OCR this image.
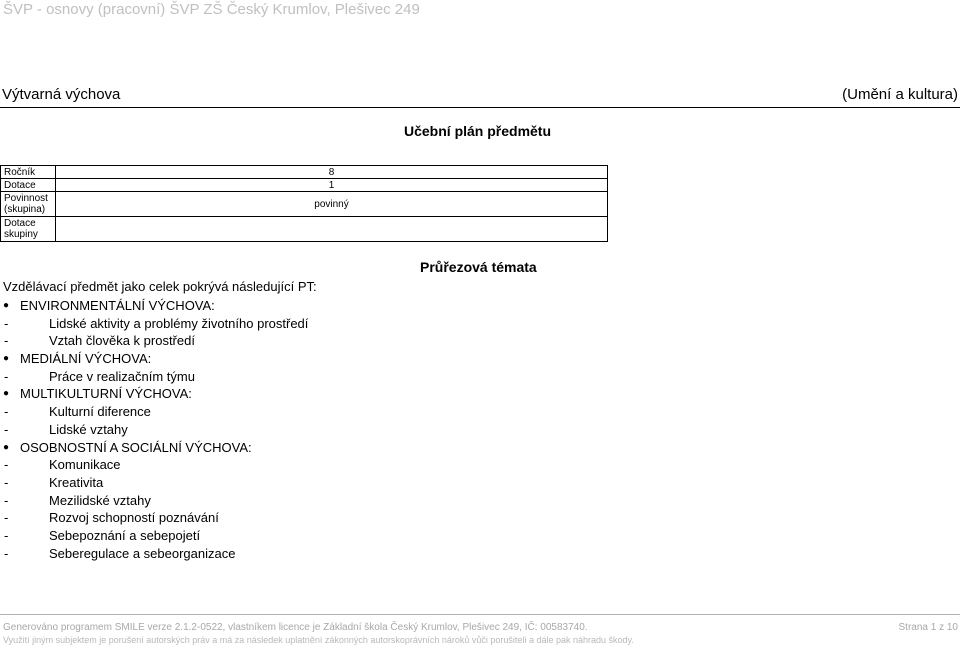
ŠVP - osnovy (pracovní) ŠVP ZŠ Český Krumlov, Plešivec 249
Výtvarná výchova	(Umění a kultura)
Učební plán předmětu
Ročník	8
Dotace	1
Povinnost (skupina)	povinný
Dotace skupiny	
Průřezová témata
Vzdělávací předmět jako celek pokrývá následující PT:
● ENVIRONMENTÁLNÍ VÝCHOVA:
-	Lidské aktivity a problémy životního prostředí
-	Vztah člověka k prostředí
● MEDIÁLNÍ VÝCHOVA:
-	Práce v realizačním týmu
● MULTIKULTURNÍ VÝCHOVA:
-	Kulturní diference
-	Lidské vztahy
● OSOBNOSTNÍ A SOCIÁLNÍ VÝCHOVA:
-	Komunikace
-	Kreativita
-	Mezilidské vztahy
-	Rozvoj schopností poznávání
-	Sebepoznání a sebepojetí
-	Seberegulace a sebeorganizace
Generováno programem SMILE verze 2.1.2-0522, vlastníkem licence je Základní škola Český Krumlov, Plešivec 249, IČ: 00583740.	Strana 1 z 10
Využití jiným subjektem je porušení autorských práv a má za následek uplatnění zákonných autorskoprávních nároků vůči porušiteli a dále pak náhradu škody.
